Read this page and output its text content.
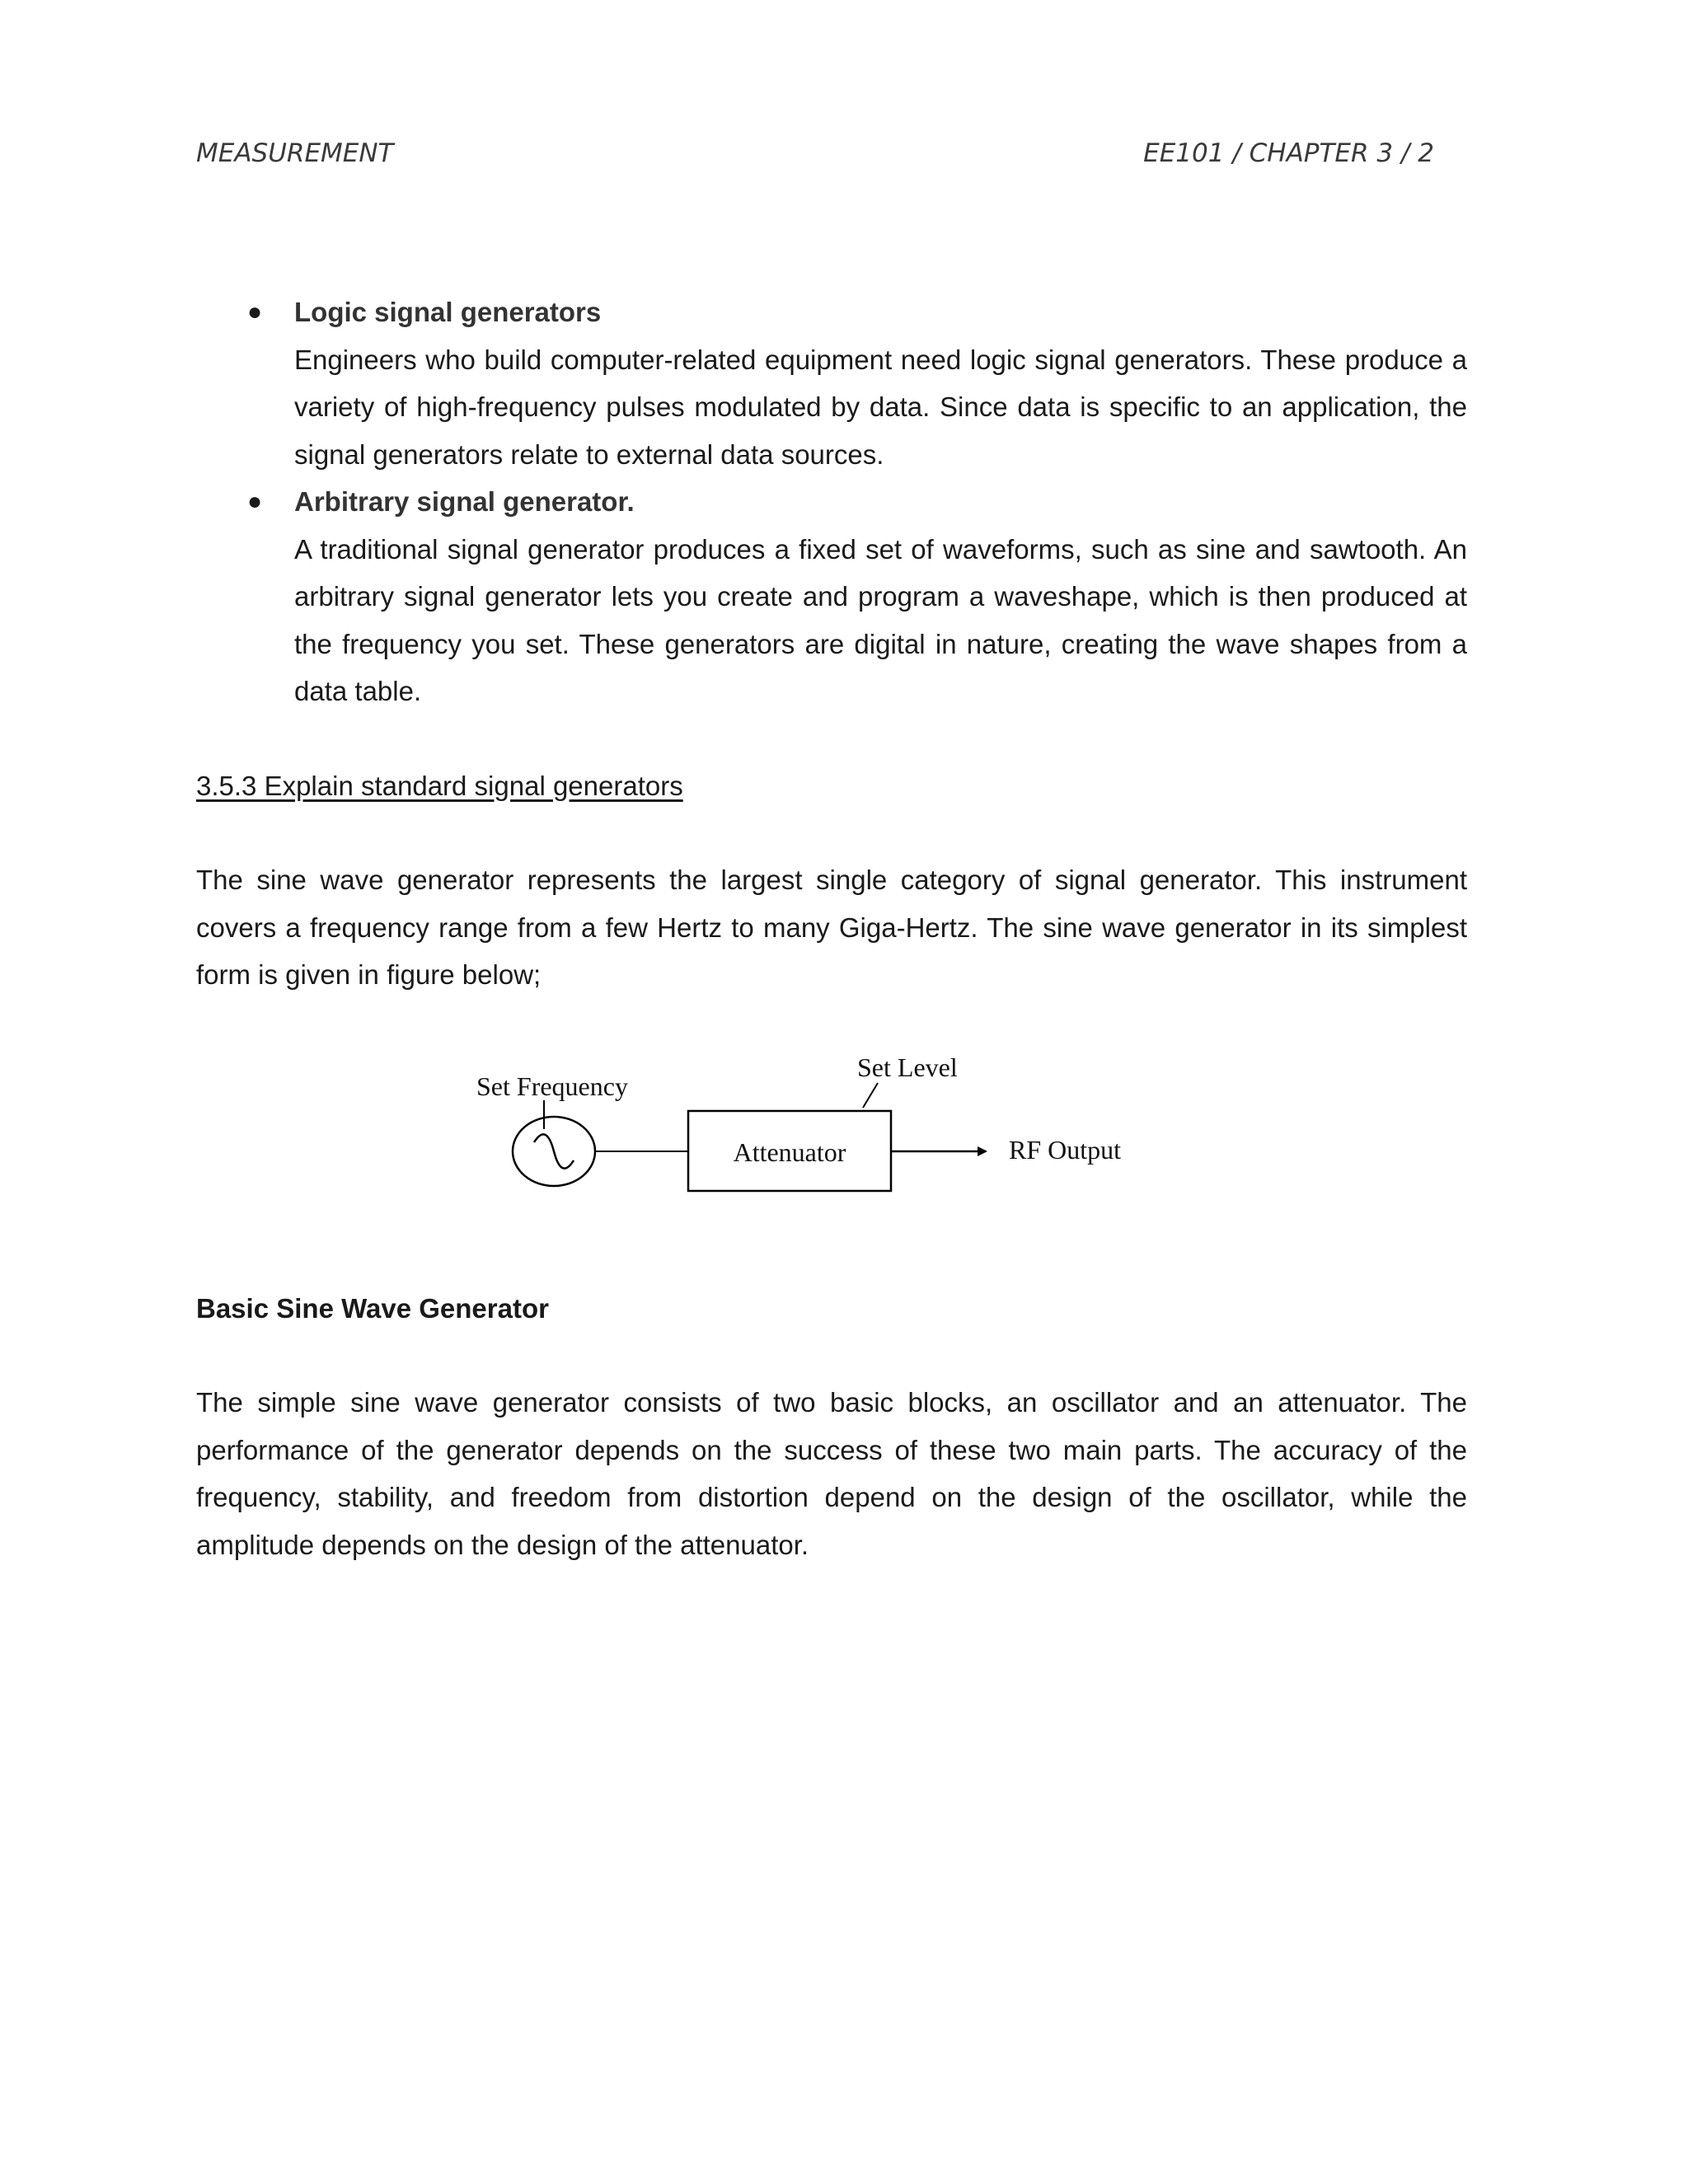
MEASUREMENT	EE101 / CHAPTER 3 / 2
● Logic signal generators

Engineers who build computer-related equipment need logic signal generators. These produce a variety of high-frequency pulses modulated by data. Since data is specific to an application, the signal generators relate to external data sources.

● Arbitrary signal generator.

A traditional signal generator produces a fixed set of waveforms, such as sine and sawtooth. An arbitrary signal generator lets you create and program a waveshape, which is then produced at the frequency you set. These generators are digital in nature, creating the wave shapes from a data table.

3.5.3 Explain standard signal generators

The sine wave generator represents the largest single category of signal generator. This instrument covers a frequency range from a few Hertz to many Giga-Hertz. The sine wave generator in its simplest form is given in figure below;

Set Frequency
Attenuator
Set Level
RF Output

Basic Sine Wave Generator

The simple sine wave generator consists of two basic blocks, an oscillator and an attenuator. The performance of the generator depends on the success of these two main parts. The accuracy of the frequency, stability, and freedom from distortion depend on the design of the oscillator, while the amplitude depends on the design of the attenuator.
